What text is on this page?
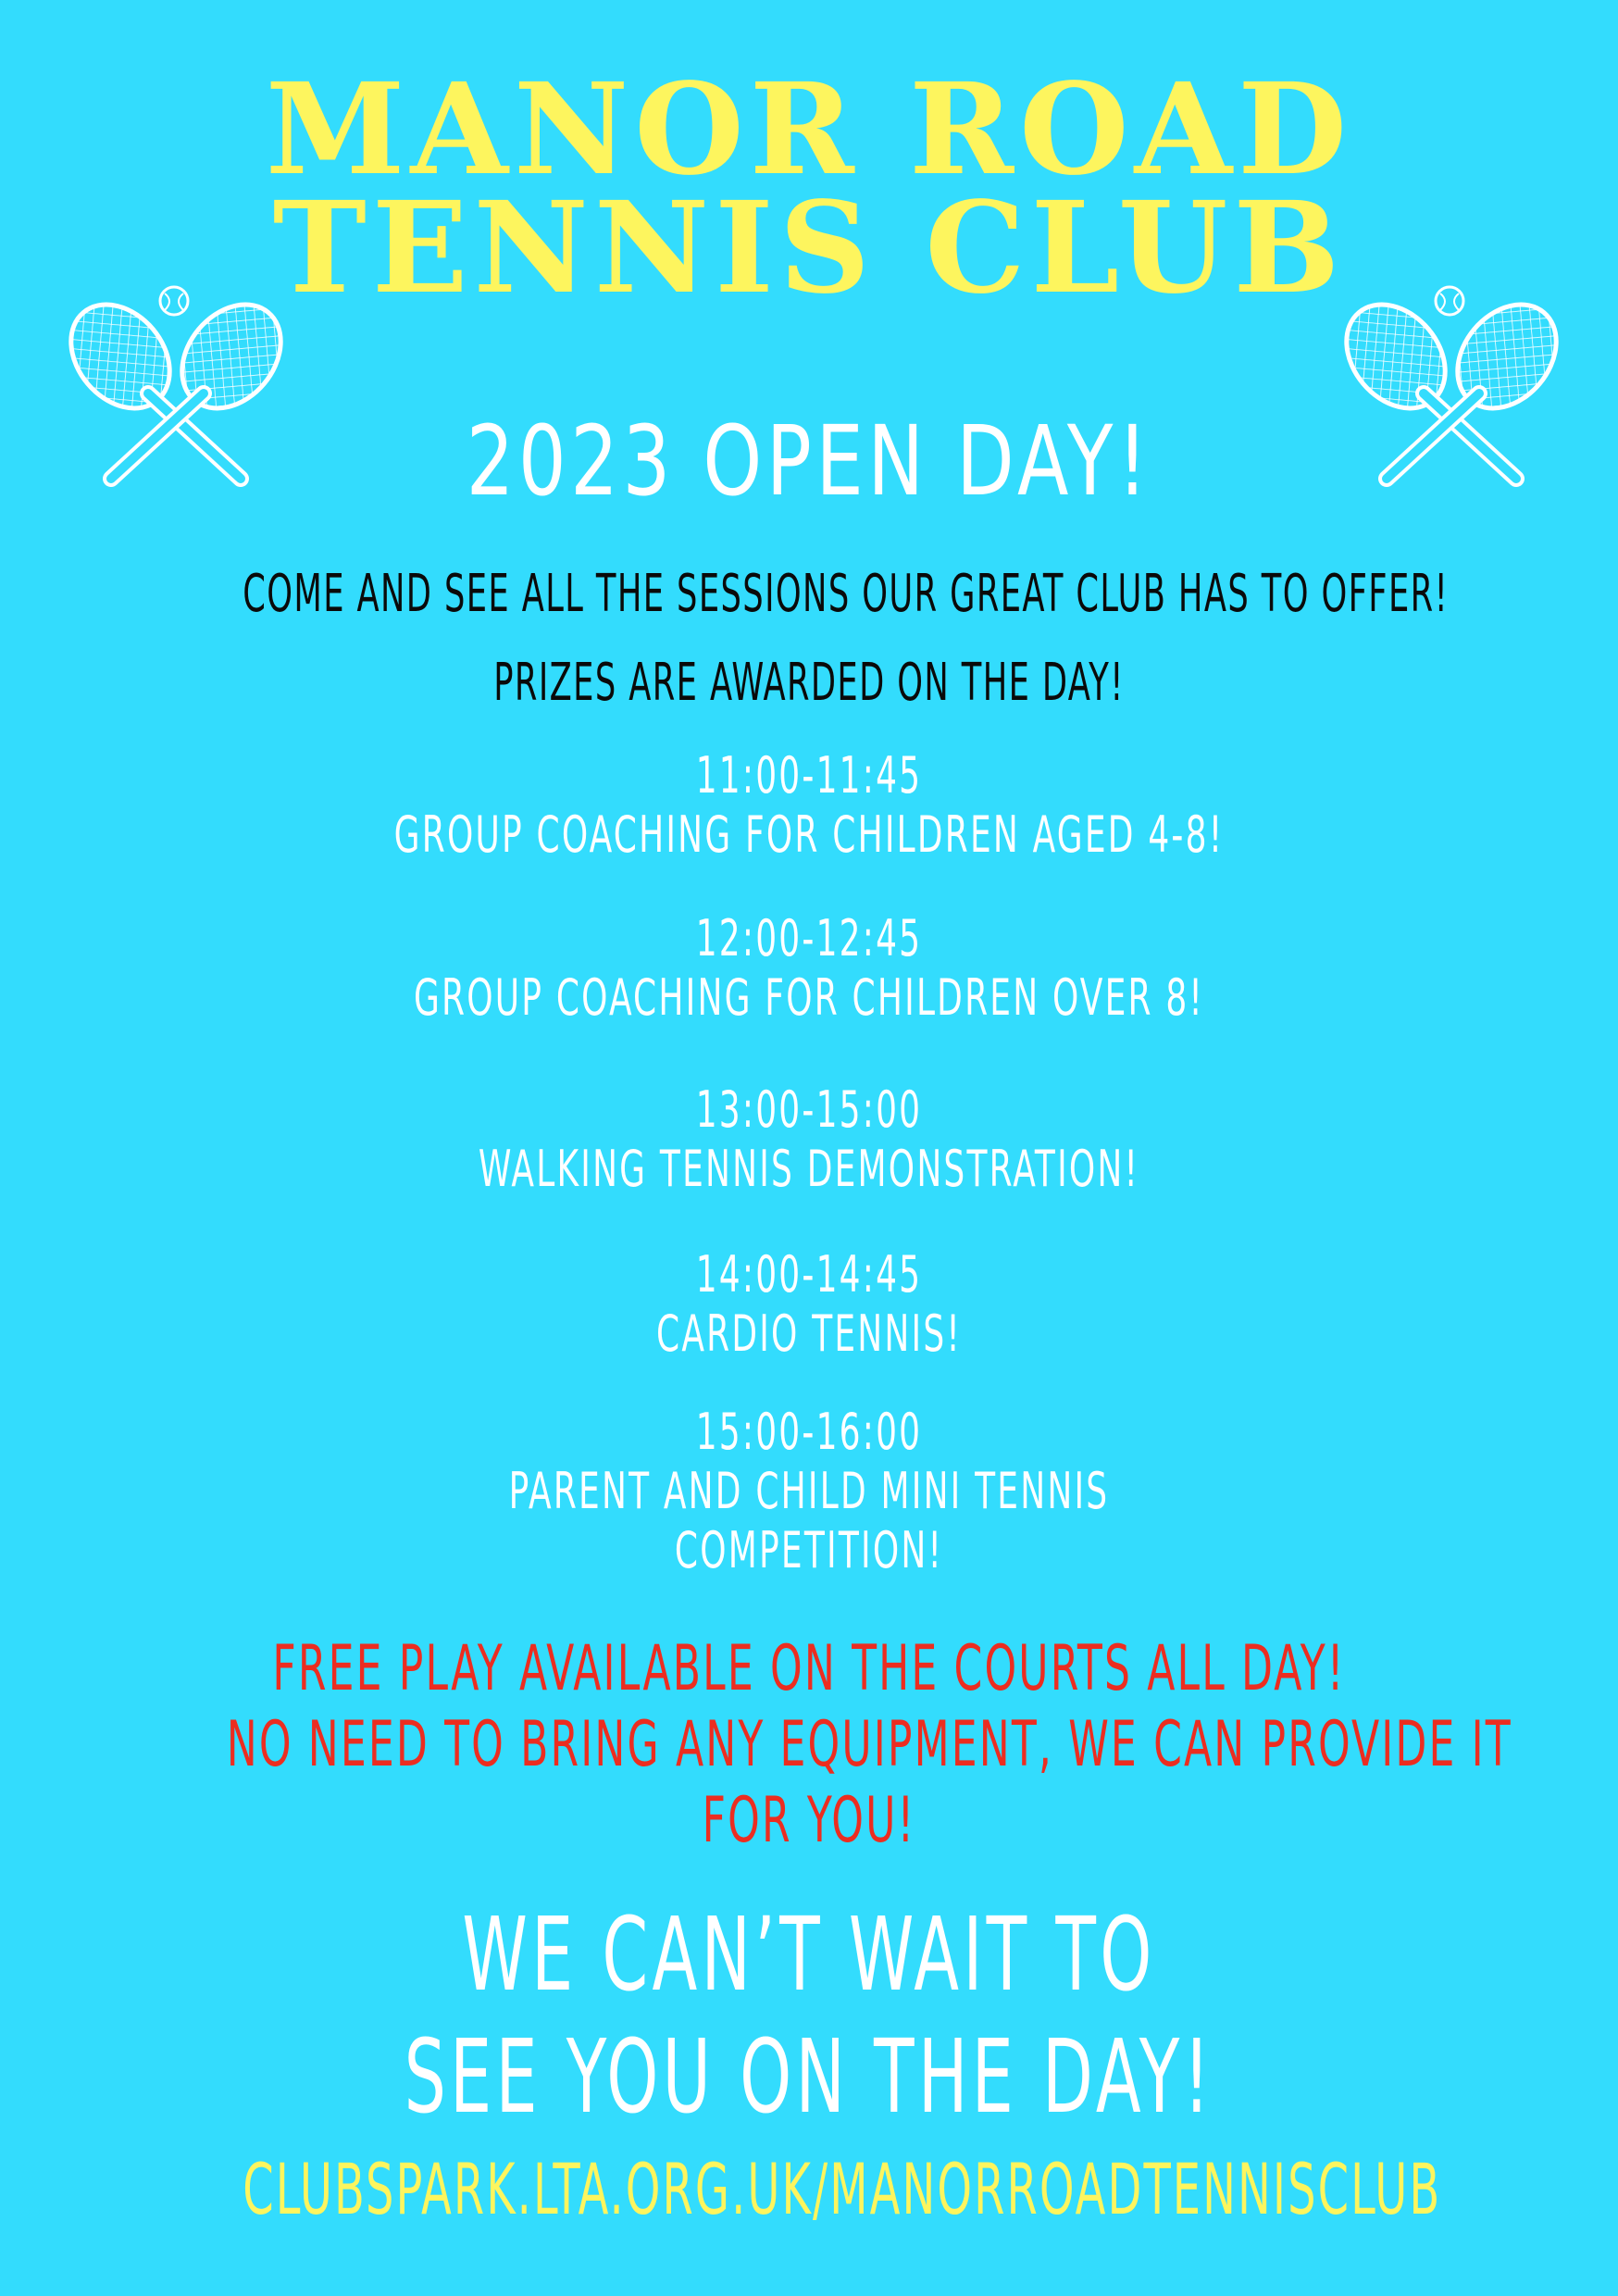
MANOR ROAD
TENNIS CLUB
2023 OPEN DAY!
COME AND SEE ALL THE SESSIONS OUR GREAT CLUB HAS TO OFFER!
PRIZES ARE AWARDED ON THE DAY!
11:00-11:45
GROUP COACHING FOR CHILDREN AGED 4-8!
12:00-12:45
GROUP COACHING FOR CHILDREN OVER 8!
13:00-15:00
WALKING TENNIS DEMONSTRATION!
14:00-14:45
CARDIO TENNIS!
15:00-16:00
PARENT AND CHILD MINI TENNIS
COMPETITION!
FREE PLAY AVAILABLE ON THE COURTS ALL DAY!
NO NEED TO BRING ANY EQUIPMENT, WE CAN PROVIDE IT
FOR YOU!
WE CAN’T WAIT TO
SEE YOU ON THE DAY!
CLUBSPARK.LTA.ORG.UK/MANORROADTENNISCLUB
